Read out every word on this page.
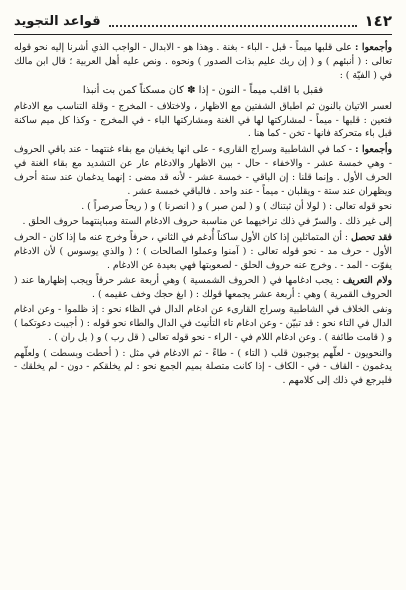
١٤٢
قواعد التجويد

وأجمعوا : على قلبها ميماً - قبل - الباء - بغنة . وهذا هو - الابدال - الواجب الذي أشرنا إليه نحو قوله تعالى : ( أنبئهم ) و ( إن ربك عليم بذات الصدور ) ونحوه . ونص عليه أهل العربية ؛ قال ابن مالك في ( الفيّة ) :

فقبل با اقلب ميماً - النون - إذا ✽ كان مسكناً كمن بت أنبذا

لعسر الاتيان بالنون ثم اطباق الشفتين مع الاظهار ، ولاختلاف - المخرج - وقلة التناسب مع الادغام فتعين : قلبها - ميماً - لمشاركتها لها في الغنة ومشاركتها الباء - في المخرج - وكذا كل ميم ساكنة قبل باء متحركة فانها - تخن - كما هنا .

وأجمعوا : - كما في الشاطبية وسراج القارىء - على انها يخفيان مع بقاء غنتهما - عند باقي الحروف - وهي خمسة عشر - والاخفاء - حال - بين الاظهار والادغام عار عن التشديد مع بقاء الغنة في الحرف الأول . وإنما قلنا : إن الباقي - خمسة عشر - لأنه قد مضى : إنهما يدغمان عند ستة أحرف ويظهران عند ستة - ويقلبان - ميماً - عند واحد . فالباقي خمسة عشر .

نحو قوله تعالى : ( لولا أن ثبتناك ) و ( لمن صبر ) و ( انصرنا ) و ( ريحاً صرصراً ) .

إلى غير ذلك . والسرّ في ذلك تراخيهما عن مناسبة حروف الادغام الستة ومباينتهما حروف الحلق .

فقد تحصل : أن المتماثلين إذا كان الأول ساكناً أُدغم في الثاني ، حرفاً وخرج عنه ما إذا كان - الحرف الأول - حرف مد - نحو قوله تعالى : ( آمنوا وعملوا الصالحات ) ؛ ( والذي يوسوس ) لأن الادغام يفوّت - المد - . وخرج عنه حروف الحلق - لصعوبتها فهي بعيدة عن الادغام .

ولام التعريف : يجب ادغامها في ( الحروف الشمسية ) وهي أربعة عشر حرفاً ويجب إظهارها عند ( الحروف القمرية ) وهي : أربعة عشر يجمعها قولك : ( ابغ حجك وخف عقيمه ) .

ونفى الخلاف في الشاطبية وسراج القارىء عن ادغام الدال في الظاء نحو : إذ ظلموا - وعن ادغام الدال في التاء نحو : قد تبيّن - وعن ادغام تاء التأنيث في الدال والطاء نحو قوله : ( أجيبت دعوتكما ) و ( قامت طائفة ) . وعن ادغام اللام في - الراء - نحو قوله تعالى ( قل رب ) و ( بل ران ) .

والنحويون - لعلّهم يوجبون قلب ( التاء ) - طاءً - ثم الادغام في مثل : ( أحطت وبسطت ) ولعلّهم يدغمون - القاف - في - الكاف - إذا كانت متصلة بميم الجمع نحو : لم يخلقكم - دون - لم يخلقك - فليرجع في ذلك إلى كلامهم .
